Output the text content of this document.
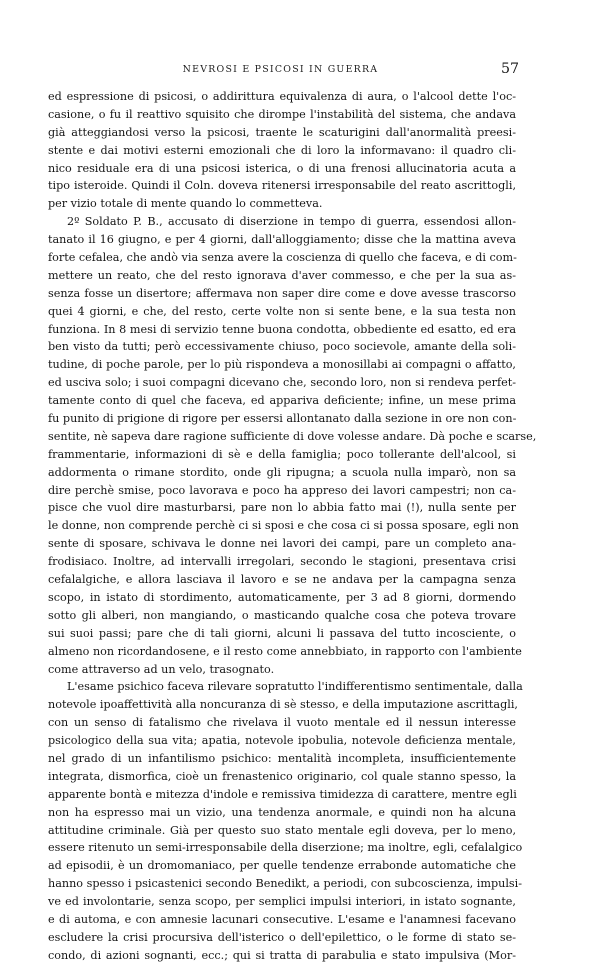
NEVROSI E PSICOSI IN GUERRA	57
ed espressione di psicosi, o addirittura equivalenza di aura, o l'alcool dette l'oc-
casione, o fu il reattivo squisito che dirompe l'instabilità del sistema, che andava
già atteggiandosi verso la psicosi, traente le scaturigini dall'anormalità preesi-
stente e dai motivi esterni emozionali che di loro la informavano: il quadro cli-
nico residuale era di una psicosi isterica, o di una frenosi allucinatoria acuta a
tipo isteroide. Quindi il Coln. doveva ritenersi irresponsabile del reato ascrittogli,
per vizio totale di mente quando lo commetteva.
2º Soldato P. B., accusato di diserzione in tempo di guerra, essendosi allon-
tanato il 16 giugno, e per 4 giorni, dall'alloggiamento; disse che la mattina aveva
forte cefalea, che andò via senza avere la coscienza di quello che faceva, e di com-
mettere un reato, che del resto ignorava d'aver commesso, e che per la sua as-
senza fosse un disertore; affermava non saper dire come e dove avesse trascorso
quei 4 giorni, e che, del resto, certe volte non si sente bene, e la sua testa non
funziona. In 8 mesi di servizio tenne buona condotta, obbediente ed esatto, ed era
ben visto da tutti; però eccessivamente chiuso, poco socievole, amante della soli-
tudine, di poche parole, per lo più rispondeva a monosillabi ai compagni o affatto,
ed usciva solo; i suoi compagni dicevano che, secondo loro, non si rendeva perfet-
tamente conto di quel che faceva, ed appariva deficiente; infine, un mese prima
fu punito di prigione di rigore per essersi allontanato dalla sezione in ore non con-
sentite, nè sapeva dare ragione sufficiente di dove volesse andare. Dà poche e scarse,
frammentarie, informazioni di sè e della famiglia; poco tollerante dell'alcool, si
addormenta o rimane stordito, onde gli ripugna; a scuola nulla imparò, non sa
dire perchè smise, poco lavorava e poco ha appreso dei lavori campestri; non ca-
pisce che vuol dire masturbarsi, pare non lo abbia fatto mai (!), nulla sente per
le donne, non comprende perchè ci si sposi e che cosa ci si possa sposare, egli non
sente di sposare, schivava le donne nei lavori dei campi, pare un completo ana-
frodisiaco. Inoltre, ad intervalli irregolari, secondo le stagioni, presentava crisi
cefalalgiche, e allora lasciava il lavoro e se ne andava per la campagna senza
scopo, in istato di stordimento, automaticamente, per 3 ad 8 giorni, dormendo
sotto gli alberi, non mangiando, o masticando qualche cosa che poteva trovare
sui suoi passi; pare che di tali giorni, alcuni li passava del tutto incosciente, o
almeno non ricordandosene, e il resto come annebbiato, in rapporto con l'ambiente
come attraverso ad un velo, trasognato.
L'esame psichico faceva rilevare sopratutto l'indifferentismo sentimentale, dalla
notevole ipoaffettività alla noncuranza di sè stesso, e della imputazione ascrittagli,
con un senso di fatalismo che rivelava il vuoto mentale ed il nessun interesse
psicologico della sua vita; apatia, notevole ipobulia, notevole deficienza mentale,
nel grado di un infantilismo psichico: mentalità incompleta, insufficientemente
integrata, dismorfica, cioè un frenastenico originario, col quale stanno spesso, la
apparente bontà e mitezza d'indole e remissiva timidezza di carattere, mentre egli
non ha espresso mai un vizio, una tendenza anormale, e quindi non ha alcuna
attitudine criminale. Già per questo suo stato mentale egli doveva, per lo meno,
essere ritenuto un semi-irresponsabile della diserzione; ma inoltre, egli, cefalalgico
ad episodii, è un dromomaniaco, per quelle tendenze errabonde automatiche che
hanno spesso i psicastenici secondo Benedikt, a periodi, con subcoscienza, impulsi-
ve ed involontarie, senza scopo, per semplici impulsi interiori, in istato sognante,
e di automa, e con amnesie lacunari consecutive. L'esame e l'anamnesi facevano
escludere la crisi procursiva dell'isterico o dell'epilettico, o le forme di stato se-
condo, di azioni sognanti, ecc.; qui si tratta di parabulia e stato impulsiva (Mor-
